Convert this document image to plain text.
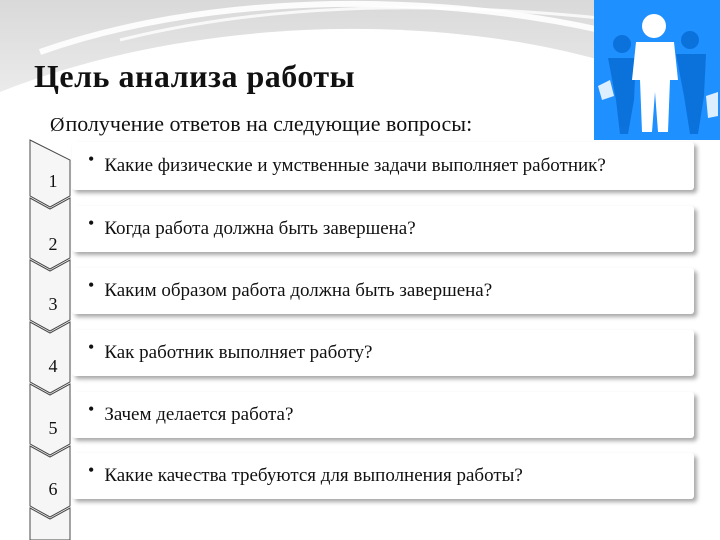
Цель анализа работы

Øполучение ответов на следующие вопросы:

1
2
3
4
5
6
• Какие физические и умственные задачи выполняет работник?
• Когда работа должна быть завершена?
• Каким образом работа должна быть завершена?
• Как работник выполняет работу?
• Зачем делается работа?
• Какие качества требуются для выполнения работы?
